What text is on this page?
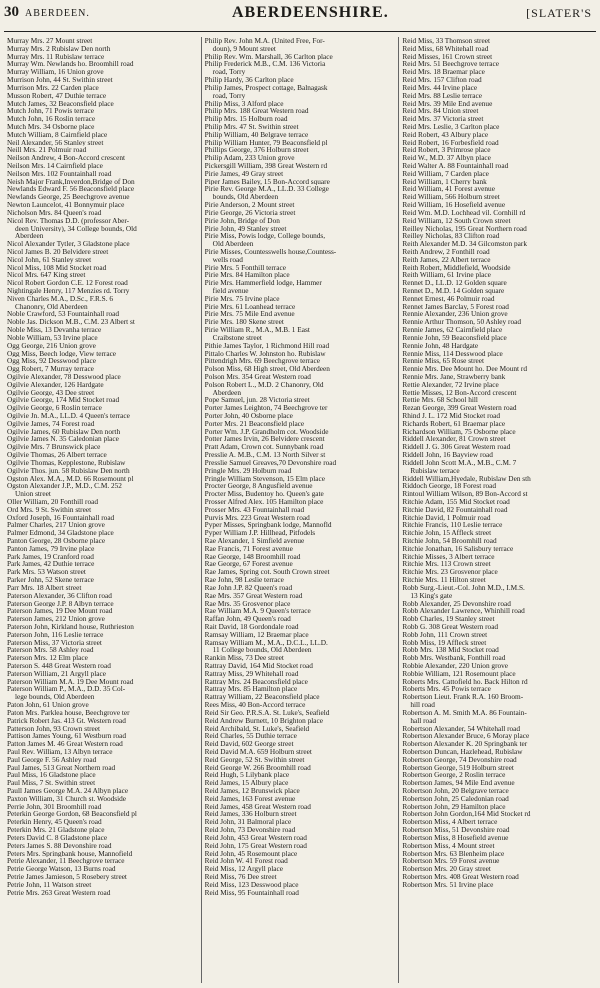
30 ABERDEEN.	ABERDEENSHIRE.	[SLATER'S
Murray Mrs. 27 Mount street
Murray Mrs. 2 Rubislaw Den north
Murray Mrs. 11 Rubislaw terrace
Murray Wm. Newlands ho. Broomhill road
Murray William, 16 Union grove
Murrison John, 44 St. Swithin street
Murrison Mrs. 22 Carden place
Musson Robert, 47 Duthie terrace
Mutch James, 32 Beaconsfield place
Mutch John, 71 Powis terrace
Mutch John, 16 Roslin terrace
Mutch Mrs. 34 Osborne place
Mutch William, 8 Cairnfield place
Neil Alexander, 56 Stanley street
Neill Mrs. 21 Polmuir road
Neilson Andrew, 4 Bon-Accord crescent
Neilson Mrs. 14 Cairnfield place
Neilson Mrs. 102 Fountainhall road
Neish Major Frank,Inverdon,Bridge of Don
Newlands Edward F. 56 Beaconsfield place
Newlands George, 25 Beechgrove avenue
Newton Launcelot, 41 Bonnymuir place
Nicholson Mrs. 84 Queen's road
Nicol Rev. Thomas D.D. (professor Aber-
deen University), 34 College bounds, Old
Aberdeen
Nicol Alexander Tytler, 3 Gladstone place
Nicol James B. 20 Belvidere street
Nicol John, 61 Stanley street
Nicol Miss, 108 Mid Stocket road
Nicol Mrs. 647 King street
Nicol Robert Gordon C.E. 12 Forest road
Nightingale Henry, 117 Menzies rd. Torry
Niven Charles M.A., D.Sc., F.R.S. 6
Chanonry, Old Aberdeen
Noble Crawford, 53 Fountainhall road
Noble Jas. Dickson M.B., C.M. 23 Albert st
Noble Miss, 13 Devanha terrace
Noble William, 53 Irvine place
Ogg George, 216 Union grove
Ogg Miss, Beech lodge, View terrace
Ogg Miss, 92 Desswood place
Ogg Robert, 7 Murray terrace
Ogilvie Alexander, 78 Desswood place
Ogilvie Alexander, 126 Hardgate
Ogilvie George, 43 Dee street
Ogilvie George, 174 Mid Stocket road
Ogilvie George, 6 Roslin terrace
Ogilvie Jn. M.A., LL.D. 4 Queen's terrace
Ogilvie James, 74 Forest road
Ogilvie James, 60 Rubislaw Den north
Ogilvie James N. 35 Caledonian place
Ogilvie Mrs. 7 Brunswick place
Ogilvie Thomas, 26 Albert terrace
Ogilvie Thomas, Kepplestone, Rubislaw
Ogilvie Thos. jun. 58 Rubislaw Den north
Ogston Alex. M.A., M.D. 66 Rosemount pl
Ogston Alexander J.P., M.D., C.M. 252
Union street
Oller William, 20 Fonthill road
Ord Mrs. 9 St. Swithin street
Oxford Joseph, 16 Fountainhall road
Palmer Charles, 217 Union grove
Palmer Edmond, 34 Gladstone place
Panton George, 28 Osborne place
Panton James, 79 Irvine place
Park James, 19 Cranford road
Park James, 42 Duthie terrace
Park Mrs. 53 Watson street
Parker John, 52 Skene terrace
Parr Mrs. 18 Albert street
Paterson Alexander, 36 Clifton road
Paterson George J.P. 8 Albyn terrace
Paterson James, 19 Dee Mount road
Paterson James, 212 Union grove
Paterson John, Kirkland house, Ruthrieston
Paterson John, 116 Leslie terrace
Paterson Miss, 37 Victoria street
Paterson Mrs. 58 Ashley road
Paterson Mrs. 12 Elm place
Paterson S. 448 Great Western road
Paterson William, 21 Argyll place
Paterson William M.A. 19 Dee Mount road
Paterson William P., M.A., D.D. 35 Col-
lege bounds, Old Aberdeen
Paton John, 61 Union grove
Paton Mrs. Parklea house, Beechgrove ter
Patrick Robert Jas. 413 Gt. Western road
Patterson John, 93 Crown street
Pattison James Young, 61 Westburn road
Patton James M. 46 Great Western road
Paul Rev. William, 13 Albyn terrace
Paul George F. 56 Ashley road
Paul James, 513 Great Northern road
Paul Miss, 16 Gladstone place
Paul Miss, 7 St. Swithin street
Paull James George M.A. 24 Albyn place
Paxton William, 31 Church st. Woodside
Perrie John, 301 Broomhill road
Peterkin George Gordon, 68 Beaconsfield pl
Peterkin Henry, 45 Queen's road
Peterkin Mrs. 21 Gladstone place
Peters David C. 8 Gladstone place
Peters James S. 88 Devonshire road
Peters Mrs. Springbank house, Mannofield
Petrie Alexander, 11 Beechgrove terrace
Petrie George Watson, 13 Burns road
Petrie James Jamieson, 5 Rosebery street
Petrie John, 11 Watson street
Petrie Mrs. 263 Great Western road
Philip Rev. John M.A. (United Free, For-
doun), 9 Mount street
Philip Rev. Wm. Marshall, 36 Carlton place
Philip Frederick M.B., C.M. 136 Victoria
road, Torry
Philip Hardy, 36 Carlton place
Philip James, Prospect cottage, Balnagask
road, Torry
Philip Miss, 3 Alford place
Philip Mrs. 188 Great Western road
Philip Mrs. 15 Holburn road
Philip Mrs. 47 St. Swithin street
Philip William, 40 Belgrave terrace
Philip William Hunter, 79 Beaconsfield pl
Phillips George, 376 Holburn street
Philip Adam, 233 Union grove
Pickersgill William, 398 Great Western rd
Pirie James, 49 Gray street
Piper James Bailey, 15 Bon-Accord square
Pirie Rev. George M.A., LL.D. 33 College
bounds, Old Aberdeen
Pirie Anderson, 2 Mount street
Pirie George, 26 Victoria street
Pirie John, Bridge of Don
Pirie John, 49 Stanley street
Pirie Miss, Powis lodge, College bounds,
Old Aberdeen
Pirie Misses, Countesswells house,Countess-
wells road
Pirie Mrs. 5 Fonthill terrace
Pirie Mrs. 84 Hamilton place
Pirie Mrs. Hammerfield lodge, Hammer
field avenue
Pirie Mrs. 75 Irvine place
Pirie Mrs. 61 Loanhead terrace
Pirie Mrs. 75 Mile End avenue
Pirie Mrs. 180 Skene street
Pirie William R., M.A., M.B. 1 East
Craibstone street
Pithie James Taylor, 1 Richmond Hill road
Pittalo Charles W. Johnston ho. Rubislaw
Pittendrigh Mrs. 69 Beechgrove terrace
Polson Miss, 68 High street, Old Aberdeen
Polson Mrs. 354 Great Western road
Polson Robert L., M.D. 2 Chanonry, Old
Aberdeen
Pope Samuel, jun. 28 Victoria street
Porter James Leighton, 74 Beechgrove ter
Porter John, 40 Osborne place
Porter Mrs. 21 Beaconsfield place
Porter Wm. J.P. Grandholm cot. Woodside
Potter James Irvin, 26 Belvidere crescent
Pratt Adam, Crown cot. Sunnybank road
Presslie A. M.B., C.M. 13 North Silver st
Presslie Samuel Greaves,70 Devonshire road
Pringle Mrs. 29 Holburn road
Pringle William Stevenson, 15 Elm place
Procter George, 8 Angusfield avenue
Procter Miss, Budentoy ho. Queen's gate
Prosser Alfred Alex. 105 Hamilton place
Prosser Mrs. 43 Fountainhall road
Purvis Mrs. 223 Great Western road
Pyper Misses, Springbank lodge, Mannofld
Pyper William J.P. Hillhead, Pitfodels
Rae Alexander, 1 Simfield avenue
Rae Francis, 71 Forest avenue
Rae George, 148 Broomhill road
Rae George, 67 Forest avenue
Rae James, Spring cot. South Crown street
Rae John, 98 Leslie terrace
Rae John J.P. 82 Queen's road
Rae Mrs. 357 Great Western road
Rae Mrs. 35 Grosvenor place
Rae William M.A. 9 Queen's terrace
Raffan John, 49 Queen's road
Rait David, 18 Gordondale road
Ramsay William, 12 Braemar place
Ramsay William M., M.A., D.C.L., LL.D.
11 College bounds, Old Aberdeen
Rankin Miss, 73 Dee street
Rattray David, 164 Mid Stocket road
Rattray Miss, 29 Whitehall road
Rattray Mrs. 24 Beaconsfield place
Rattray Mrs. 85 Hamilton place
Rattray William, 22 Beaconsfield place
Rees Miss, 40 Bon-Accord terrace
Reid Sir Geo. P.R.S.A. St. Luke's, Seafield
Reid Andrew Burnett, 10 Brighton place
Reid Archibald, St. Luke's, Seafield
Reid Charles, 55 Duthie terrace
Reid David, 602 George street
Reid David M.A. 659 Holburn street
Reid George, 52 St. Swithin street
Reid George W. 266 Broomhill road
Reid Hugh, 5 Lilybank place
Reid James, 15 Albury place
Reid James, 12 Brunswick place
Reid James, 163 Forest avenue
Reid James, 458 Great Western road
Reid James, 336 Holburn street
Reid John, 31 Balmoral place
Reid John, 73 Devonshire road
Reid John, 453 Great Western road
Reid John, 175 Great Western road
Reid John, 45 Rosemount place
Reid John W. 41 Forest road
Reid Miss, 12 Argyll place
Reid Miss, 76 Dee street
Reid Miss, 123 Desswood place
Reid Miss, 95 Fountainhall road
Reid Miss, 33 Thomson street
Reid Miss, 68 Whitehall road
Reid Misses, 161 Crown street
Reid Mrs. 51 Beechgrove terrace
Reid Mrs. 18 Braemar place
Reid Mrs. 157 Clifton road
Reid Mrs. 44 Irvine place
Reid Mrs. 88 Leslie terrace
Reid Mrs. 39 Mile End avenue
Reid Mrs. 84 Union street
Reid Mrs. 37 Victoria street
Reid Mrs. Leslie, 3 Carlton place
Reid Robert, 43 Albury place
Reid Robert, 16 Forbesfield road
Reid Robert, 3 Primrose place
Reid W., M.D. 37 Albyn place
Reid Walter A. 88 Fountainhall road
Reid William, 7 Carden place
Reid William, 1 Cherry bank
Reid William, 41 Forest avenue
Reid William, 566 Holburn street
Reid William, 16 Hosefield avenue
Reid Wm. M.D. Lochhead vil. Cornhill rd
Reid William, 12 South Crown street
Reilley Nicholas, 195 Great Northern road
Reilley Nicholas, 83 Clifton road
Reith Alexander M.D. 34 Gilcomston park
Reith Andrew, 2 Fonthill road
Reith James, 22 Albert terrace
Reith Robert, Middlefield, Woodside
Reith William, 61 Irvine place
Rennet D., LL.D. 12 Golden square
Rennet D., M.D. 14 Golden square
Rennet Ernest, 46 Polmuir road
Rennet James Barclay, 5 Forest road
Rennie Alexander, 236 Union grove
Rennie Arthur Thomson, 50 Ashley road
Rennie James, 62 Cairnfield place
Rennie John, 59 Beaconsfield place
Rennie John, 48 Hardgate
Rennie Miss, 114 Desswood place
Rennie Miss, 65 Rose street
Rennie Mrs. Dee Mount ho. Dee Mount rd
Rennie Mrs. Jane, Strawberry bank
Rettie Alexander, 72 Irvine place
Rettie Misses, 12 Bon-Accord crescent
Rettie Mrs. 68 School hill
Rezan George, 399 Great Western road
Rhind J. L. 172 Mid Stocket road
Richards Robert, 61 Braemar place
Richardson William, 75 Osborne place
Riddell Alexander, 81 Crown street
Riddell J. G. 306 Great Western road
Riddell John, 16 Bayview road
Riddell John Scott M.A., M.B., C.M. 7
Rubislaw terrace
Riddell William,Hyedale, Rubislaw Den sth
Riddoch George, 18 Forest road
Rintoul William Wilson, 89 Bon-Accord st
Ritchie Adam, 155 Mid Stocket road
Ritchie David, 82 Fountainhall road
Ritchie David, 1 Polmuir road
Ritchie Francis, 110 Leslie terrace
Ritchie John, 15 Affleck street
Ritchie John, 54 Broomhill road
Ritchie Jonathan, 16 Salisbury terrace
Ritchie Misses, 3 Albert terrace
Ritchie Mrs. 113 Crown street
Ritchie Mrs. 23 Grosvenor place
Ritchie Mrs. 11 Hilton street
Robb Surg.-Lieut.-Col. John M.D., I.M.S.
13 King's gate
Robb Alexander, 25 Devonshire road
Robb Alexander Lawrence, Whinhill road
Robb Charles, 19 Stanley street
Robb G. 308 Great Western road
Robb John, 111 Crown street
Robb Miss, 19 Affleck street
Robb Mrs. 138 Mid Stocket road
Robb Mrs. Westbank, Fonthill road
Robbie Alexander, 220 Union grove
Robbie William, 121 Rosemount place
Roberts Mrs. Cattofield ho. Back Hilton rd
Roberts Mrs. 45 Powis terrace
Robertson Lieut. Frank R.A. 160 Broom-
hill road
Robertson A. M. Smith M.A. 86 Fountain-
hall road
Robertson Alexander, 54 Whitehall road
Robertson Alexander Bruce, 6 Moray place
Robertson Alexander K. 20 Springbank ter
Robertson Duncan, Hazlehead, Rubislaw
Robertson George, 74 Devonshire road
Robertson George, 519 Holburn street
Robertson George, 2 Roslin terrace
Robertson James, 94 Mile End avenue
Robertson John, 20 Belgrave terrace
Robertson John, 25 Caledonian road
Robertson John, 29 Hamilton place
Robertson John Gordon,164 Mid Stocket rd
Robertson Miss, 4 Albert terrace
Robertson Miss, 51 Devonshire road
Robertson Miss, 8 Hosefield avenue
Robertson Miss, 4 Mount street
Robertson Mrs. 63 Blenheim place
Robertson Mrs. 59 Forest avenue
Robertson Mrs. 20 Gray street
Robertson Mrs. 408 Great Western road
Robertson Mrs. 51 Irvine place
